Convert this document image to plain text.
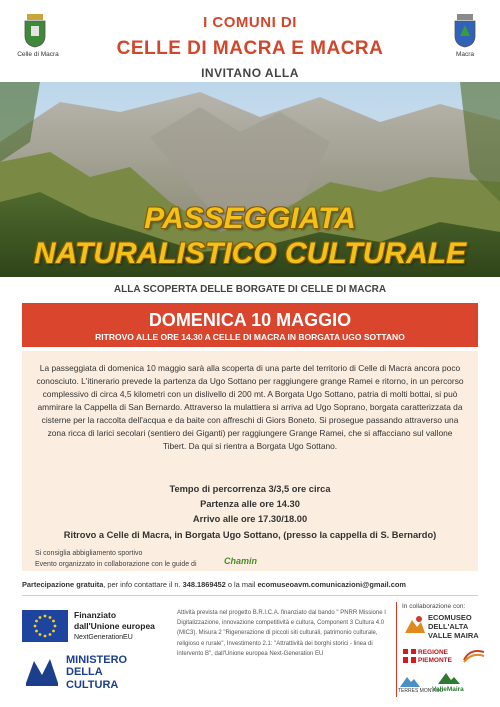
I COMUNI DI
CELLE DI MACRA E MACRA
INVITANO ALLA
Celle di Macra	Macra
PASSEGGIATA
NATURALISTICO CULTURALE
ALLA SCOPERTA DELLE BORGATE DI CELLE DI MACRA
DOMENICA 10 MAGGIO
RITROVO ALLE ORE 14.30 A CELLE DI MACRA IN BORGATA UGO SOTTANO
La passeggiata di domenica 10 maggio sarà alla scoperta di una parte del territorio di Celle di Macra ancora poco conosciuto. L'itinerario prevede la partenza da Ugo Sottano per raggiungere grange Ramei e ritorno, in un percorso complessivo di circa 4,5 kilometri con un dislivello di 200 mt. A Borgata Ugo Sottano, patria di molti bottai, si può ammirare la Cappella di San Bernardo. Attraverso la mulattiera si arriva ad Ugo Soprano, borgata caratterizzata da cisterne per la raccolta dell'acqua e da baite con affreschi di Giors Boneto. Si prosegue passando attraverso una zona ricca di larici secolari (sentiero dei Giganti) per raggiungere Grange Ramei, che si affacciano sul vallone Tibert. Da qui si rientra a Borgata Ugo Sottano.
Tempo di percorrenza 3/3,5 ore circa
Partenza alle ore 14.30
Arrivo alle ore 17.30/18.00
Ritrovo a Celle di Macra, in Borgata Ugo Sottano, (presso la cappella di S. Bernardo)
Si consiglia abbigliamento sportivo
Evento organizzato in collaborazione con le guide di	Chamin
Partecipazione gratuita, per info contattare il n. 348.1869452 o la mail ecomuseoavm.comunicazioni@gmail.com
Finanziato
dall'Unione europea
NextGenerationEU
MINISTERO
DELLA
CULTURA
Attività prevista nel progetto B.R.I.C.A. finanziato dal bando " PNRR Missione I Digitalizzazione, innovazione competitività e cultura, Component 3 Cultura 4.0 (MIC3). Misura 2 "Rigenerazione di piccoli siti culturali, patrimonio culturale, religioso e rurale", Investimento 2.1: "Attrattività dei borghi storici - linea di intervento B", dall'Unione europea Next-Generation EU
In collaborazione con:
ECOMUSEO
DELL'ALTA
VALLE MAIRA
REGIONE
PIEMONTE
TERRES MONVISO
ValleMaira
